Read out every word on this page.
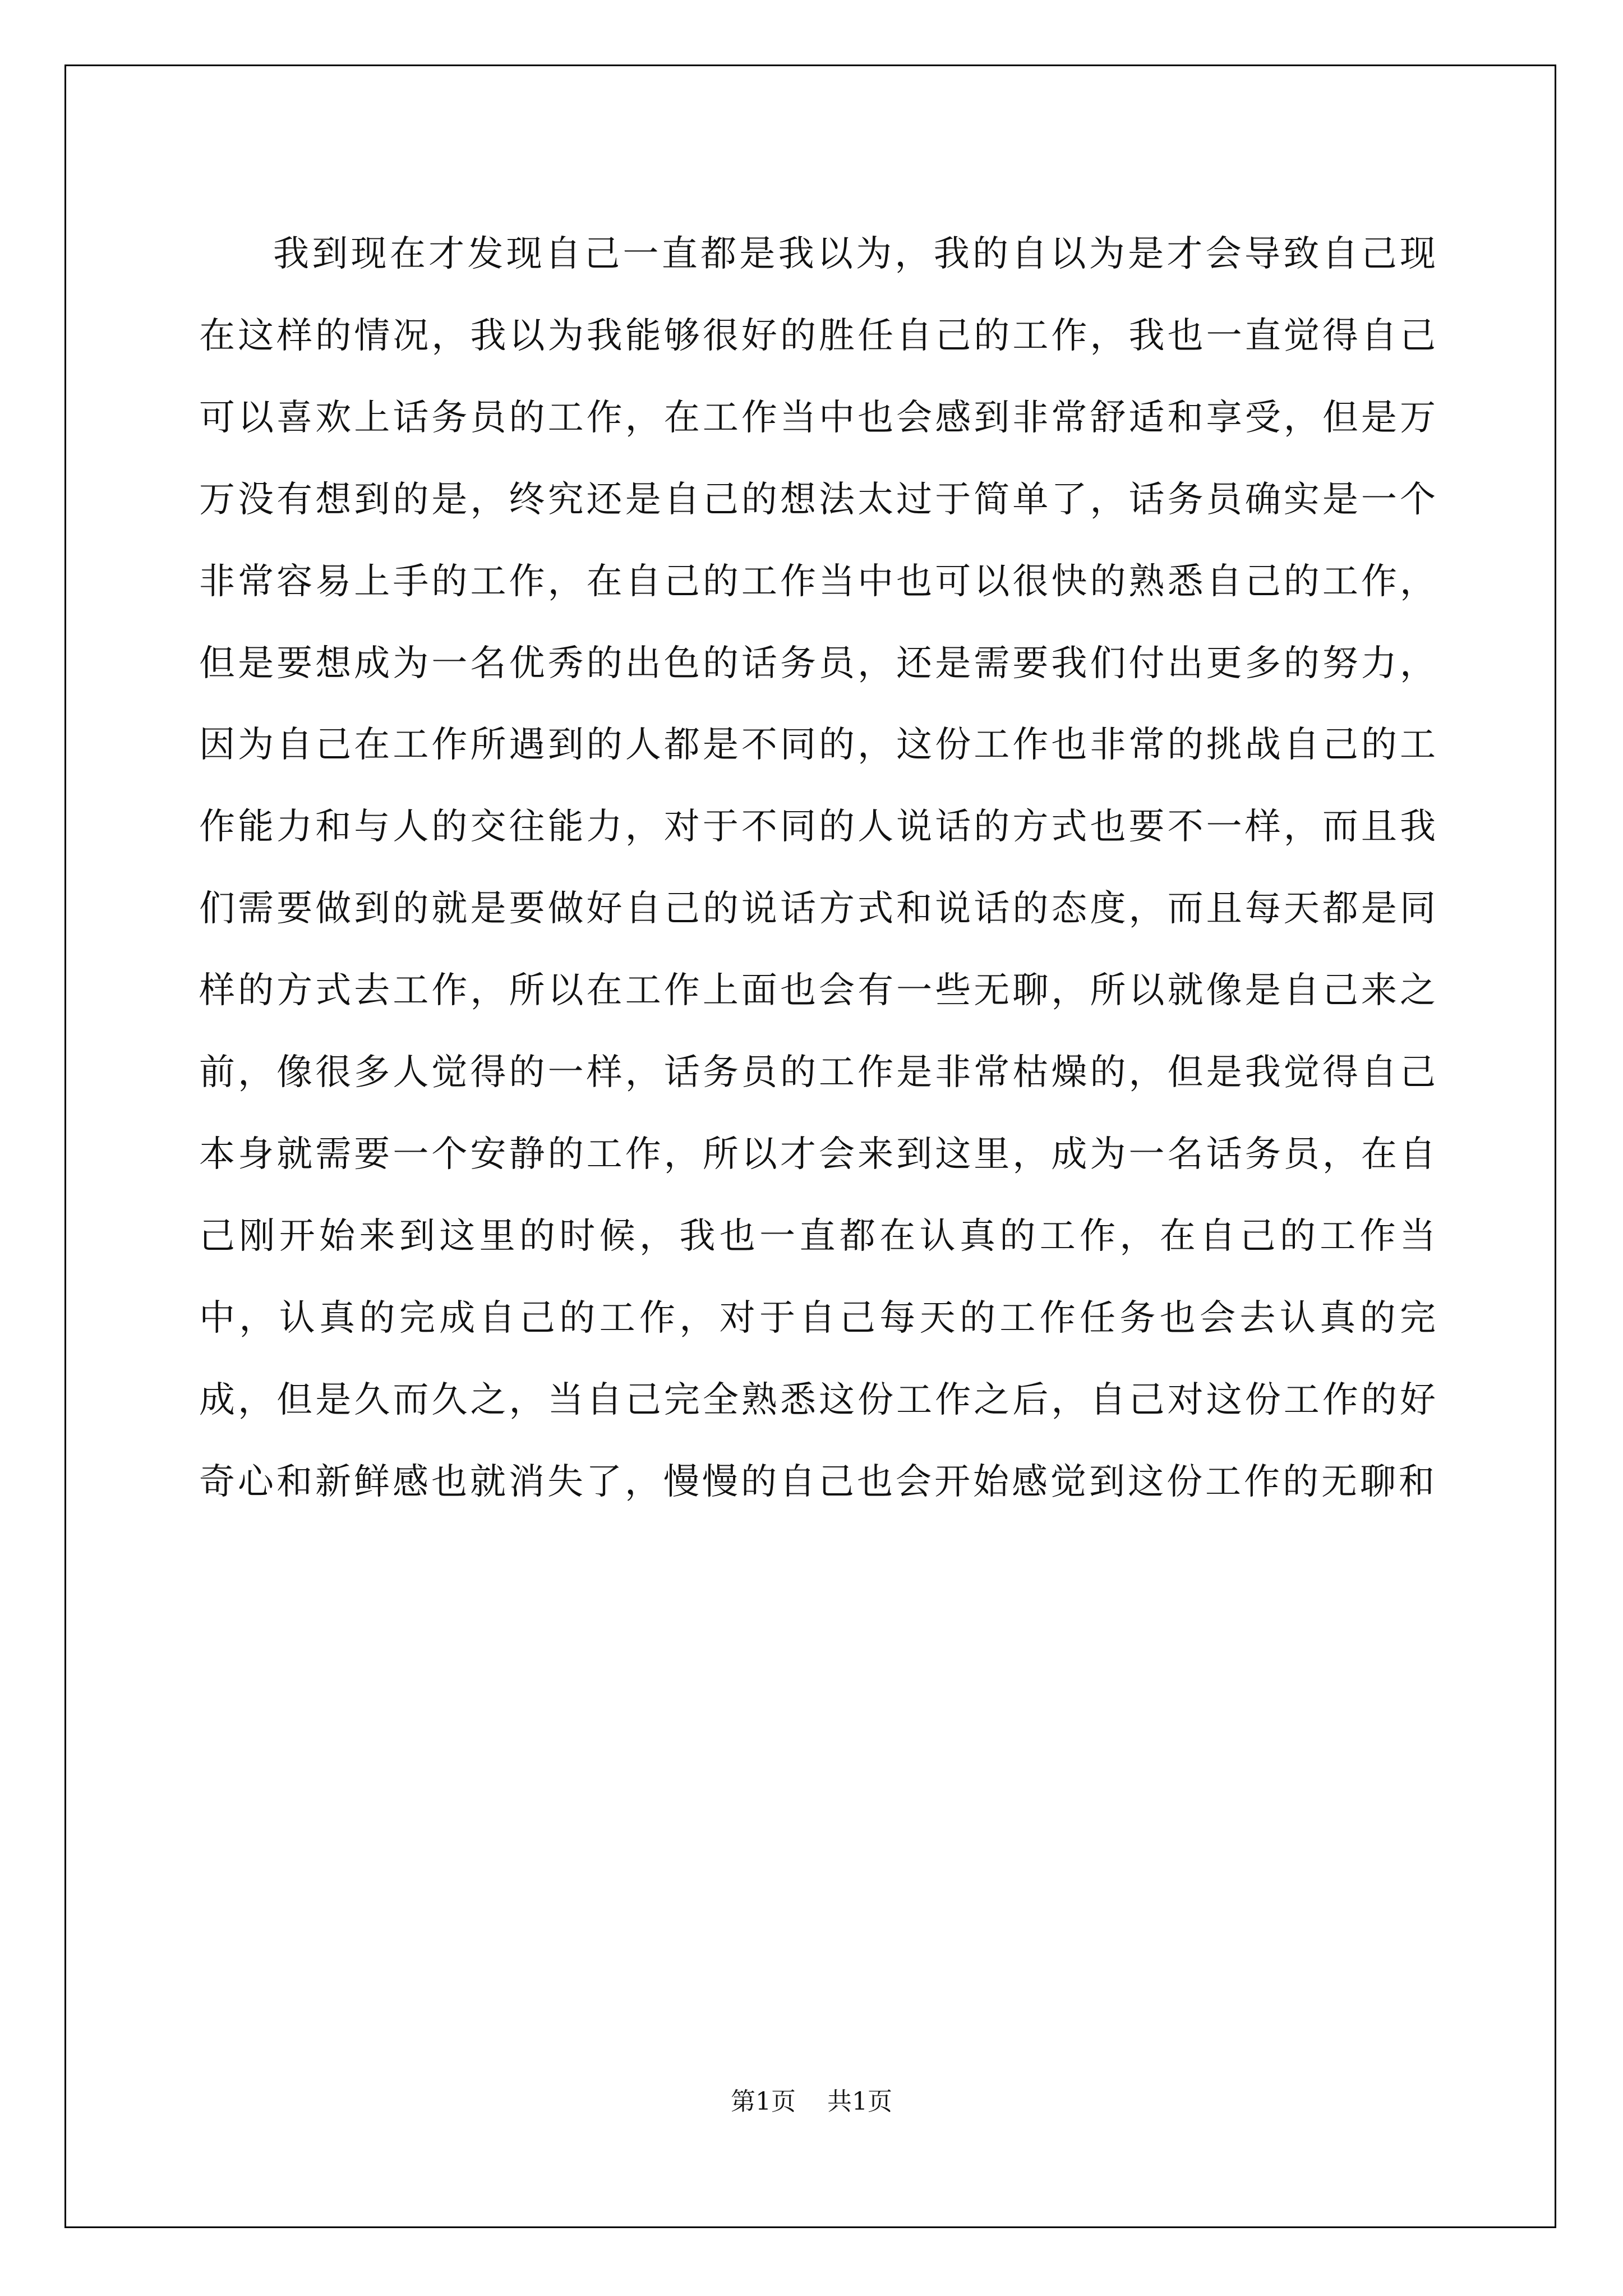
我到现在才发现自己一直都是我以为，我的自以为是才会导致自己现在这样的情况，我以为我能够很好的胜任自己的工作，我也一直觉得自己可以喜欢上话务员的工作，在工作当中也会感到非常舒适和享受，但是万万没有想到的是，终究还是自己的想法太过于简单了，话务员确实是一个非常容易上手的工作，在自己的工作当中也可以很快的熟悉自己的工作，但是要想成为一名优秀的出色的话务员，还是需要我们付出更多的努力，因为自己在工作所遇到的人都是不同的，这份工作也非常的挑战自己的工作能力和与人的交往能力，对于不同的人说话的方式也要不一样，而且我们需要做到的就是要做好自己的说话方式和说话的态度，而且每天都是同样的方式去工作，所以在工作上面也会有一些无聊，所以就像是自己来之前，像很多人觉得的一样，话务员的工作是非常枯燥的，但是我觉得自己本身就需要一个安静的工作，所以才会来到这里，成为一名话务员，在自己刚开始来到这里的时候，我也一直都在认真的工作，在自己的工作当中，认真的完成自己的工作，对于自己每天的工作任务也会去认真的完成，但是久而久之，当自己完全熟悉这份工作之后，自己对这份工作的好奇心和新鲜感也就消失了，慢慢的自己也会开始感觉到这份工作的无聊和

第1页 共1页
